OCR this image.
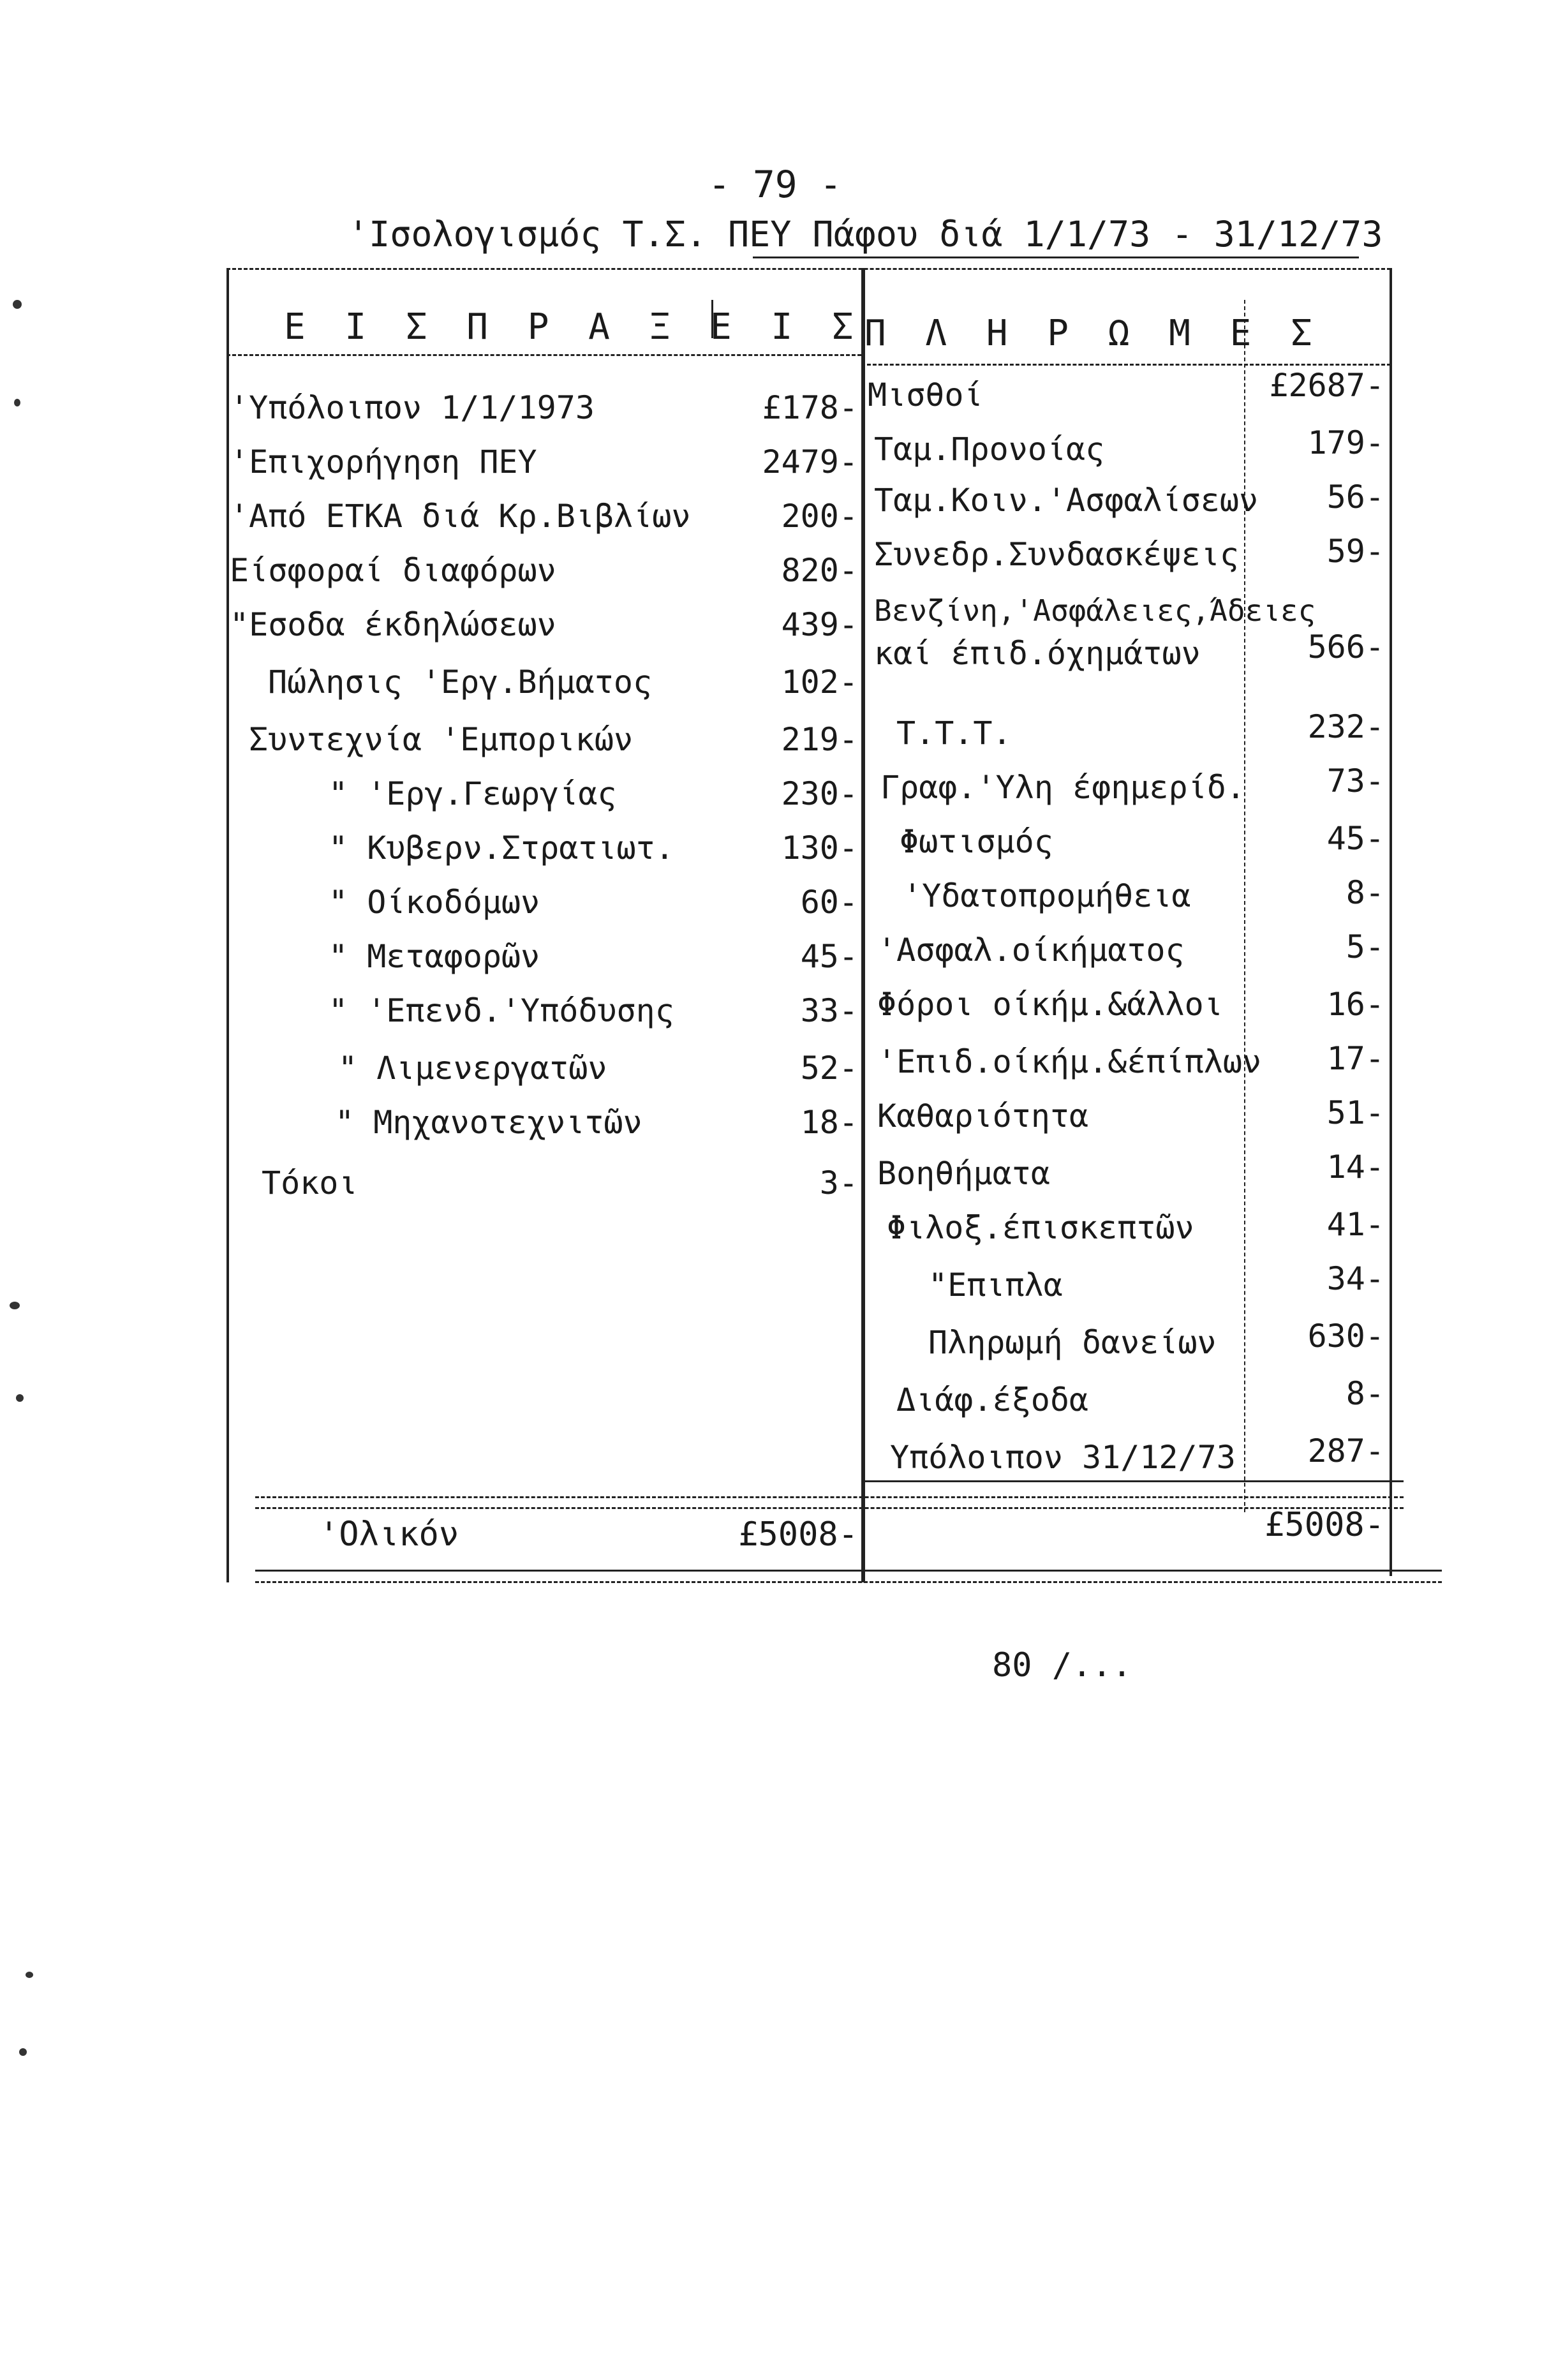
- 79 -
'Ισολογισμός Τ.Σ. ΠΕΥ Πάφου διά 1/1/73 - 31/12/73
Ε Ι Σ Π Ρ Α Ξ Ε Ι Σ Π Λ Η Ρ Ω Μ Ε Σ
'Υπόλοιπον 1/1/1973	£178-
'Επιχορήγηση ΠΕΥ	2479-
'Από ΕΤΚΑ διά Κρ.Βιβλίων	200-
Είσφοραί διαφόρων	820-
"Εσοδα έκδηλώσεων	439-
Πώλησις 'Εργ.Βήματος	102-
Συντεχνία 'Εμπορικών	219-
" 'Εργ.Γεωργίας	230-
" Κυβερν.Στρατιωτ.	130-
" Οίκοδόμων	60-
" Μεταφορῶν	45-
" 'Επενδ.'Υπόδυσης	33-
" Λιμενεργατῶν	52-
" Μηχανοτεχνιτῶν	18-
Τόκοι	3-
Μισθοί	£2687-
Ταμ.Προνοίας	179-
Ταμ.Κοιν.'Ασφαλίσεων	56-
Συνεδρ.Συνδασκέψεις	59-
Βενζίνη,'Ασφάλειες,Άδειες
καί έπιδ.όχημάτων	566-
Τ.Τ.Τ.	232-
Γραφ.'Υλη έφημερίδ.	73-
Φωτισμός	45-
'Υδατοπρομήθεια	8-
'Ασφαλ.οίκήματος	5-
Φόροι οίκήμ.&άλλοι	16-
'Επιδ.οίκήμ.&έπίπλων	17-
Καθαριότητα	51-
Βοηθήματα	14-
Φιλοξ.έπισκεπτῶν	41-
"Επιπλα	34-
Πληρωμή δανείων	630-
Διάφ.έξοδα	8-
Υπόλοιπον 31/12/73	287-
'Ολικόν	£5008-	£5008-
80 /...
